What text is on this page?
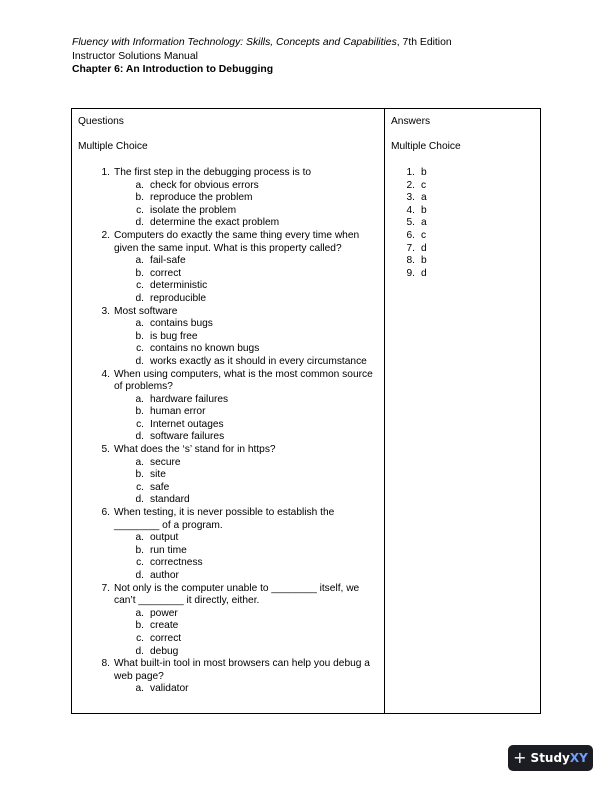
Fluency with Information Technology: Skills, Concepts and Capabilities, 7th Edition
Instructor Solutions Manual
Chapter 6: An Introduction to Debugging
Questions
Multiple Choice
1. The first step in the debugging process is to
a. check for obvious errors
b. reproduce the problem
c. isolate the problem
d. determine the exact problem
2. Computers do exactly the same thing every time when given the same input. What is this property called?
a. fail-safe
b. correct
c. deterministic
d. reproducible
3. Most software
a. contains bugs
b. is bug free
c. contains no known bugs
d. works exactly as it should in every circumstance
4. When using computers, what is the most common source of problems?
a. hardware failures
b. human error
c. Internet outages
d. software failures
5. What does the ‘s’ stand for in https?
a. secure
b. site
c. safe
d. standard
6. When testing, it is never possible to establish the ________ of a program.
a. output
b. run time
c. correctness
d. author
7. Not only is the computer unable to ________ itself, we can’t ________ it directly, either.
a. power
b. create
c. correct
d. debug
8. What built-in tool in most browsers can help you debug a web page?
a. validator
Answers
Multiple Choice
1. b
2. c
3. a
4. b
5. a
6. c
7. d
8. b
9. d
+ StudyXY
